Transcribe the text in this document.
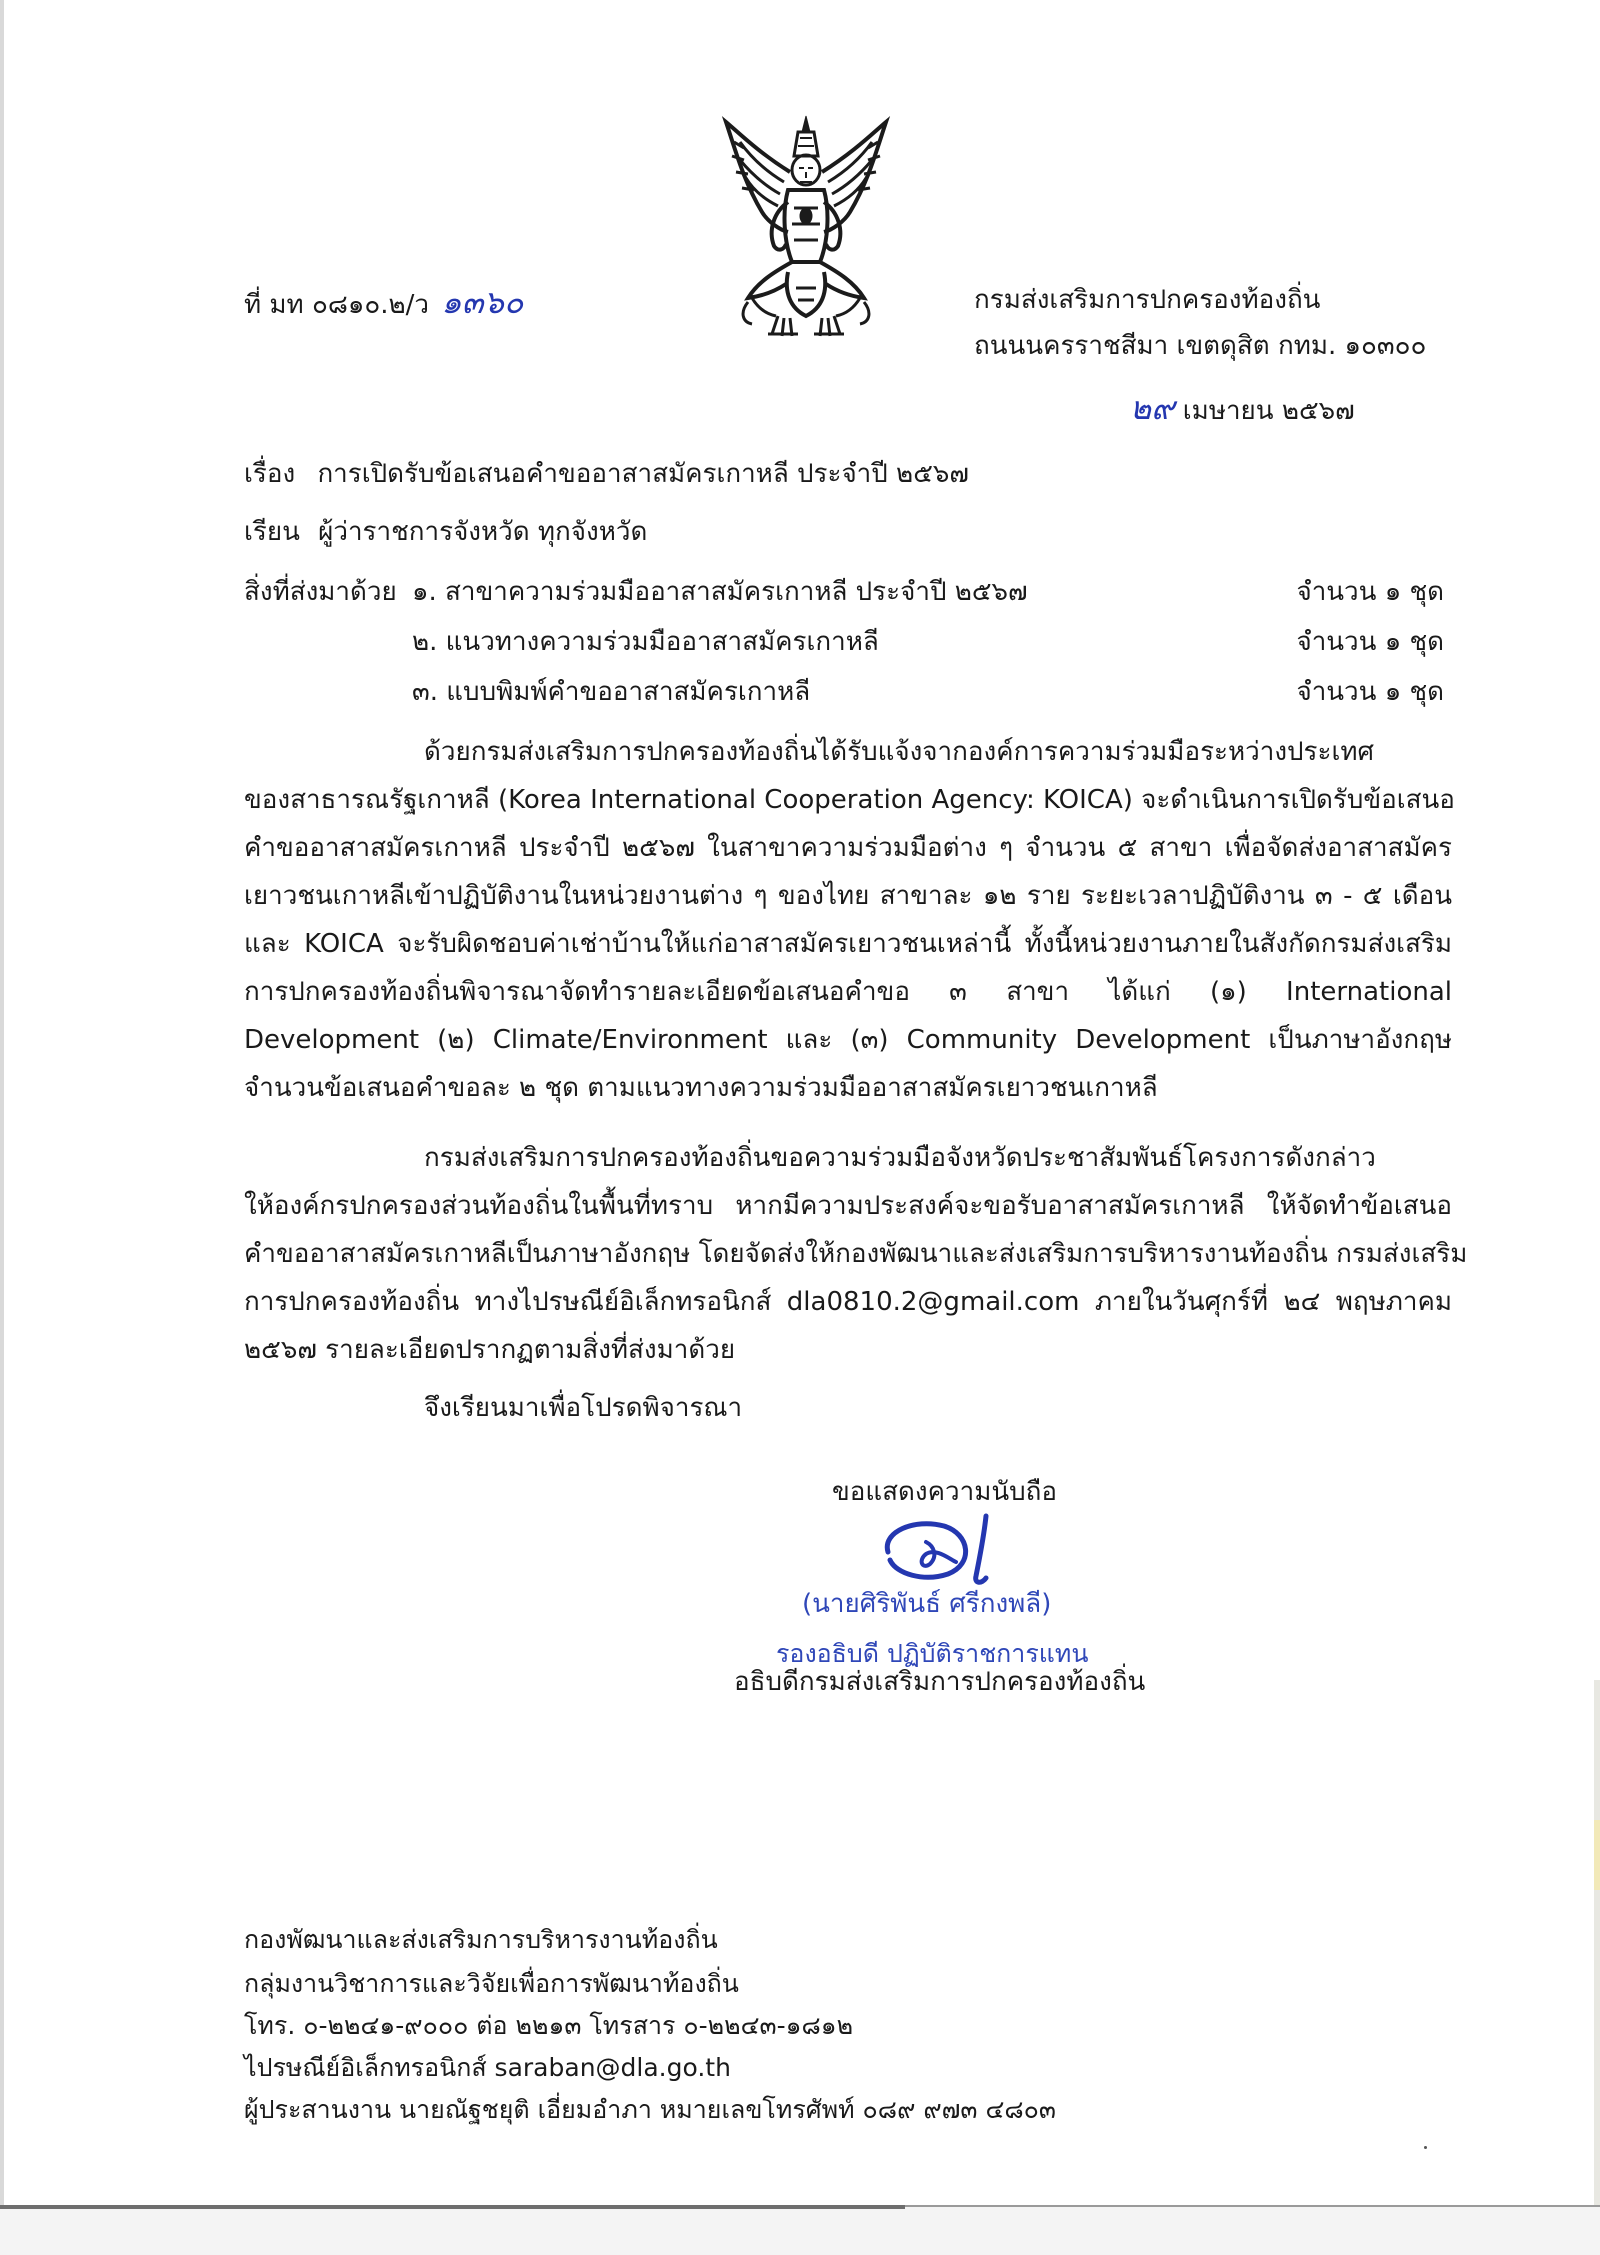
ที่ มท ๐๘๑๐.๒/ว ๑๓๖๐	กรมส่งเสริมการปกครองท้องถิ่น
ถนนนครราชสีมา เขตดุสิต กทม. ๑๐๓๐๐
๒๙ เมษายน ๒๕๖๗
เรื่อง การเปิดรับข้อเสนอคำขออาสาสมัครเกาหลี ประจำปี ๒๕๖๗
เรียน ผู้ว่าราชการจังหวัด ทุกจังหวัด
สิ่งที่ส่งมาด้วย ๑. สาขาความร่วมมืออาสาสมัครเกาหลี ประจำปี ๒๕๖๗	จำนวน ๑ ชุด
๒. แนวทางความร่วมมืออาสาสมัครเกาหลี	จำนวน ๑ ชุด
๓. แบบพิมพ์คำขออาสาสมัครเกาหลี	จำนวน ๑ ชุด
ด้วยกรมส่งเสริมการปกครองท้องถิ่นได้รับแจ้งจากองค์การความร่วมมือระหว่างประเทศ
ของสาธารณรัฐเกาหลี (Korea International Cooperation Agency: KOICA) จะดำเนินการเปิดรับข้อเสนอ
คำขออาสาสมัครเกาหลี ประจำปี ๒๕๖๗ ในสาขาความร่วมมือต่าง ๆ จำนวน ๕ สาขา เพื่อจัดส่งอาสาสมัคร
เยาวชนเกาหลีเข้าปฏิบัติงานในหน่วยงานต่าง ๆ ของไทย สาขาละ ๑๒ ราย ระยะเวลาปฏิบัติงาน ๓ - ๕ เดือน
และ KOICA จะรับผิดชอบค่าเช่าบ้านให้แก่อาสาสมัครเยาวชนเหล่านี้ ทั้งนี้หน่วยงานภายในสังกัดกรมส่งเสริม
การปกครองท้องถิ่นพิจารณาจัดทำรายละเอียดข้อเสนอคำขอ ๓ สาขา ได้แก่ (๑) International
Development (๒) Climate/Environment และ (๓) Community Development เป็นภาษาอังกฤษ
จำนวนข้อเสนอคำขอละ ๒ ชุด ตามแนวทางความร่วมมืออาสาสมัครเยาวชนเกาหลี
กรมส่งเสริมการปกครองท้องถิ่นขอความร่วมมือจังหวัดประชาสัมพันธ์โครงการดังกล่าว
ให้องค์กรปกครองส่วนท้องถิ่นในพื้นที่ทราบ หากมีความประสงค์จะขอรับอาสาสมัครเกาหลี ให้จัดทำข้อเสนอ
คำขออาสาสมัครเกาหลีเป็นภาษาอังกฤษ โดยจัดส่งให้กองพัฒนาและส่งเสริมการบริหารงานท้องถิ่น กรมส่งเสริม
การปกครองท้องถิ่น ทางไปรษณีย์อิเล็กทรอนิกส์ dla0810.2@gmail.com ภายในวันศุกร์ที่ ๒๔ พฤษภาคม
๒๕๖๗ รายละเอียดปรากฏตามสิ่งที่ส่งมาด้วย
จึงเรียนมาเพื่อโปรดพิจารณา
ขอแสดงความนับถือ
(นายศิริพันธ์ ศรีกงพลี)
รองอธิบดี ปฏิบัติราชการแทน
อธิบดีกรมส่งเสริมการปกครองท้องถิ่น
กองพัฒนาและส่งเสริมการบริหารงานท้องถิ่น
กลุ่มงานวิชาการและวิจัยเพื่อการพัฒนาท้องถิ่น
โทร. ๐-๒๒๔๑-๙๐๐๐ ต่อ ๒๒๑๓ โทรสาร ๐-๒๒๔๓-๑๘๑๒
ไปรษณีย์อิเล็กทรอนิกส์ saraban@dla.go.th
ผู้ประสานงาน นายณัฐชยุติ เอี่ยมอำภา หมายเลขโทรศัพท์ ๐๘๙ ๙๗๓ ๔๘๐๓
